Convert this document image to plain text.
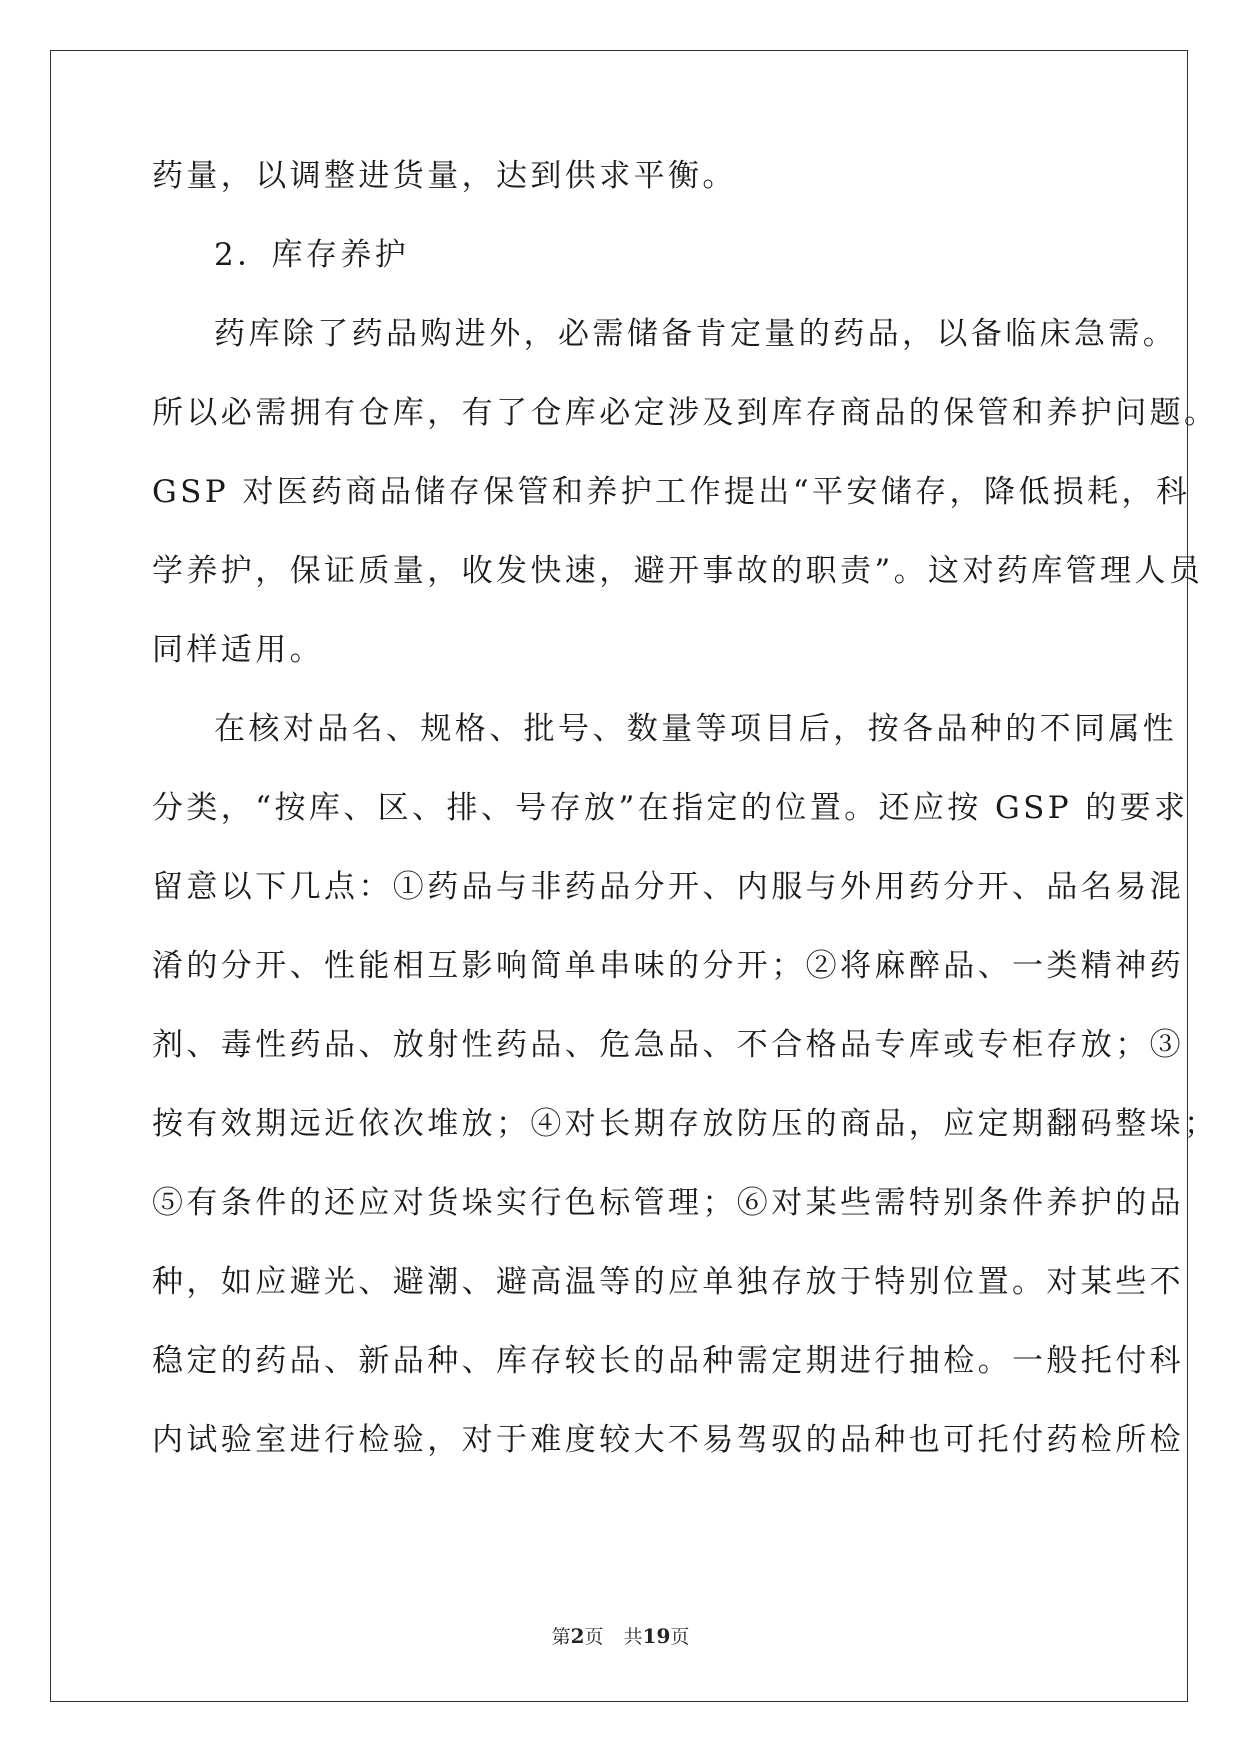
药量，以调整进货量，达到供求平衡。
2．库存养护
药库除了药品购进外，必需储备肯定量的药品，以备临床急需。
所以必需拥有仓库，有了仓库必定涉及到库存商品的保管和养护问题。
GSP 对医药商品储存保管和养护工作提出“平安储存，降低损耗，科
学养护，保证质量，收发快速，避开事故的职责”。这对药库管理人员
同样适用。
在核对品名、规格、批号、数量等项目后，按各品种的不同属性
分类，“按库、区、排、号存放”在指定的位置。还应按 GSP 的要求
留意以下几点：①药品与非药品分开、内服与外用药分开、品名易混
淆的分开、性能相互影响简单串味的分开；②将麻醉品、一类精神药
剂、毒性药品、放射性药品、危急品、不合格品专库或专柜存放；③
按有效期远近依次堆放；④对长期存放防压的商品，应定期翻码整垛；
⑤有条件的还应对货垛实行色标管理；⑥对某些需特别条件养护的品
种，如应避光、避潮、避高温等的应单独存放于特别位置。对某些不
稳定的药品、新品种、库存较长的品种需定期进行抽检。一般托付科
内试验室进行检验，对于难度较大不易驾驭的品种也可托付药检所检
第2页 共19页
